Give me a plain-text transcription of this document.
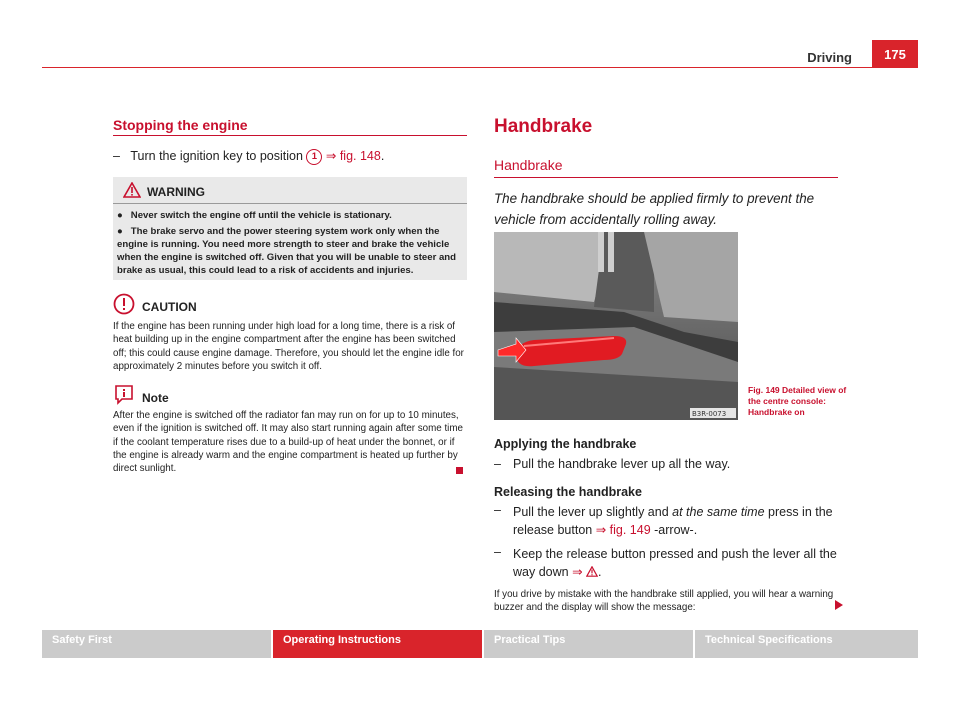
Driving	175
Stopping the engine
– Turn the ignition key to position 1 ⇒ fig. 148.
WARNING
● Never switch the engine off until the vehicle is stationary.
● The brake servo and the power steering system work only when the engine is running. You need more strength to steer and brake the vehicle when the engine is switched off. Given that you will be unable to steer and brake as usual, this could lead to a risk of accidents and injuries.
CAUTION
If the engine has been running under high load for a long time, there is a risk of heat building up in the engine compartment after the engine has been switched off; this could cause engine damage. Therefore, you should let the engine idle for approximately 2 minutes before you switch it off.
Note
After the engine is switched off the radiator fan may run on for up to 10 minutes, even if the ignition is switched off. It may also start running again after some time if the coolant temperature rises due to a build-up of heat under the bonnet, or if the engine is already warm and the engine compartment is heated up further by direct sunlight.
Handbrake
Handbrake
The handbrake should be applied firmly to prevent the vehicle from accidentally rolling away.
B3R-0073
Fig. 149 Detailed view of the centre console: Handbrake on
Applying the handbrake
– Pull the handbrake lever up all the way.
Releasing the handbrake
– Pull the lever up slightly and at the same time press in the release button ⇒ fig. 149 -arrow-.
– Keep the release button pressed and push the lever all the way down ⇒ .
If you drive by mistake with the handbrake still applied, you will hear a warning buzzer and the display will show the message:
Safety First	Operating Instructions	Practical Tips	Technical Specifications
